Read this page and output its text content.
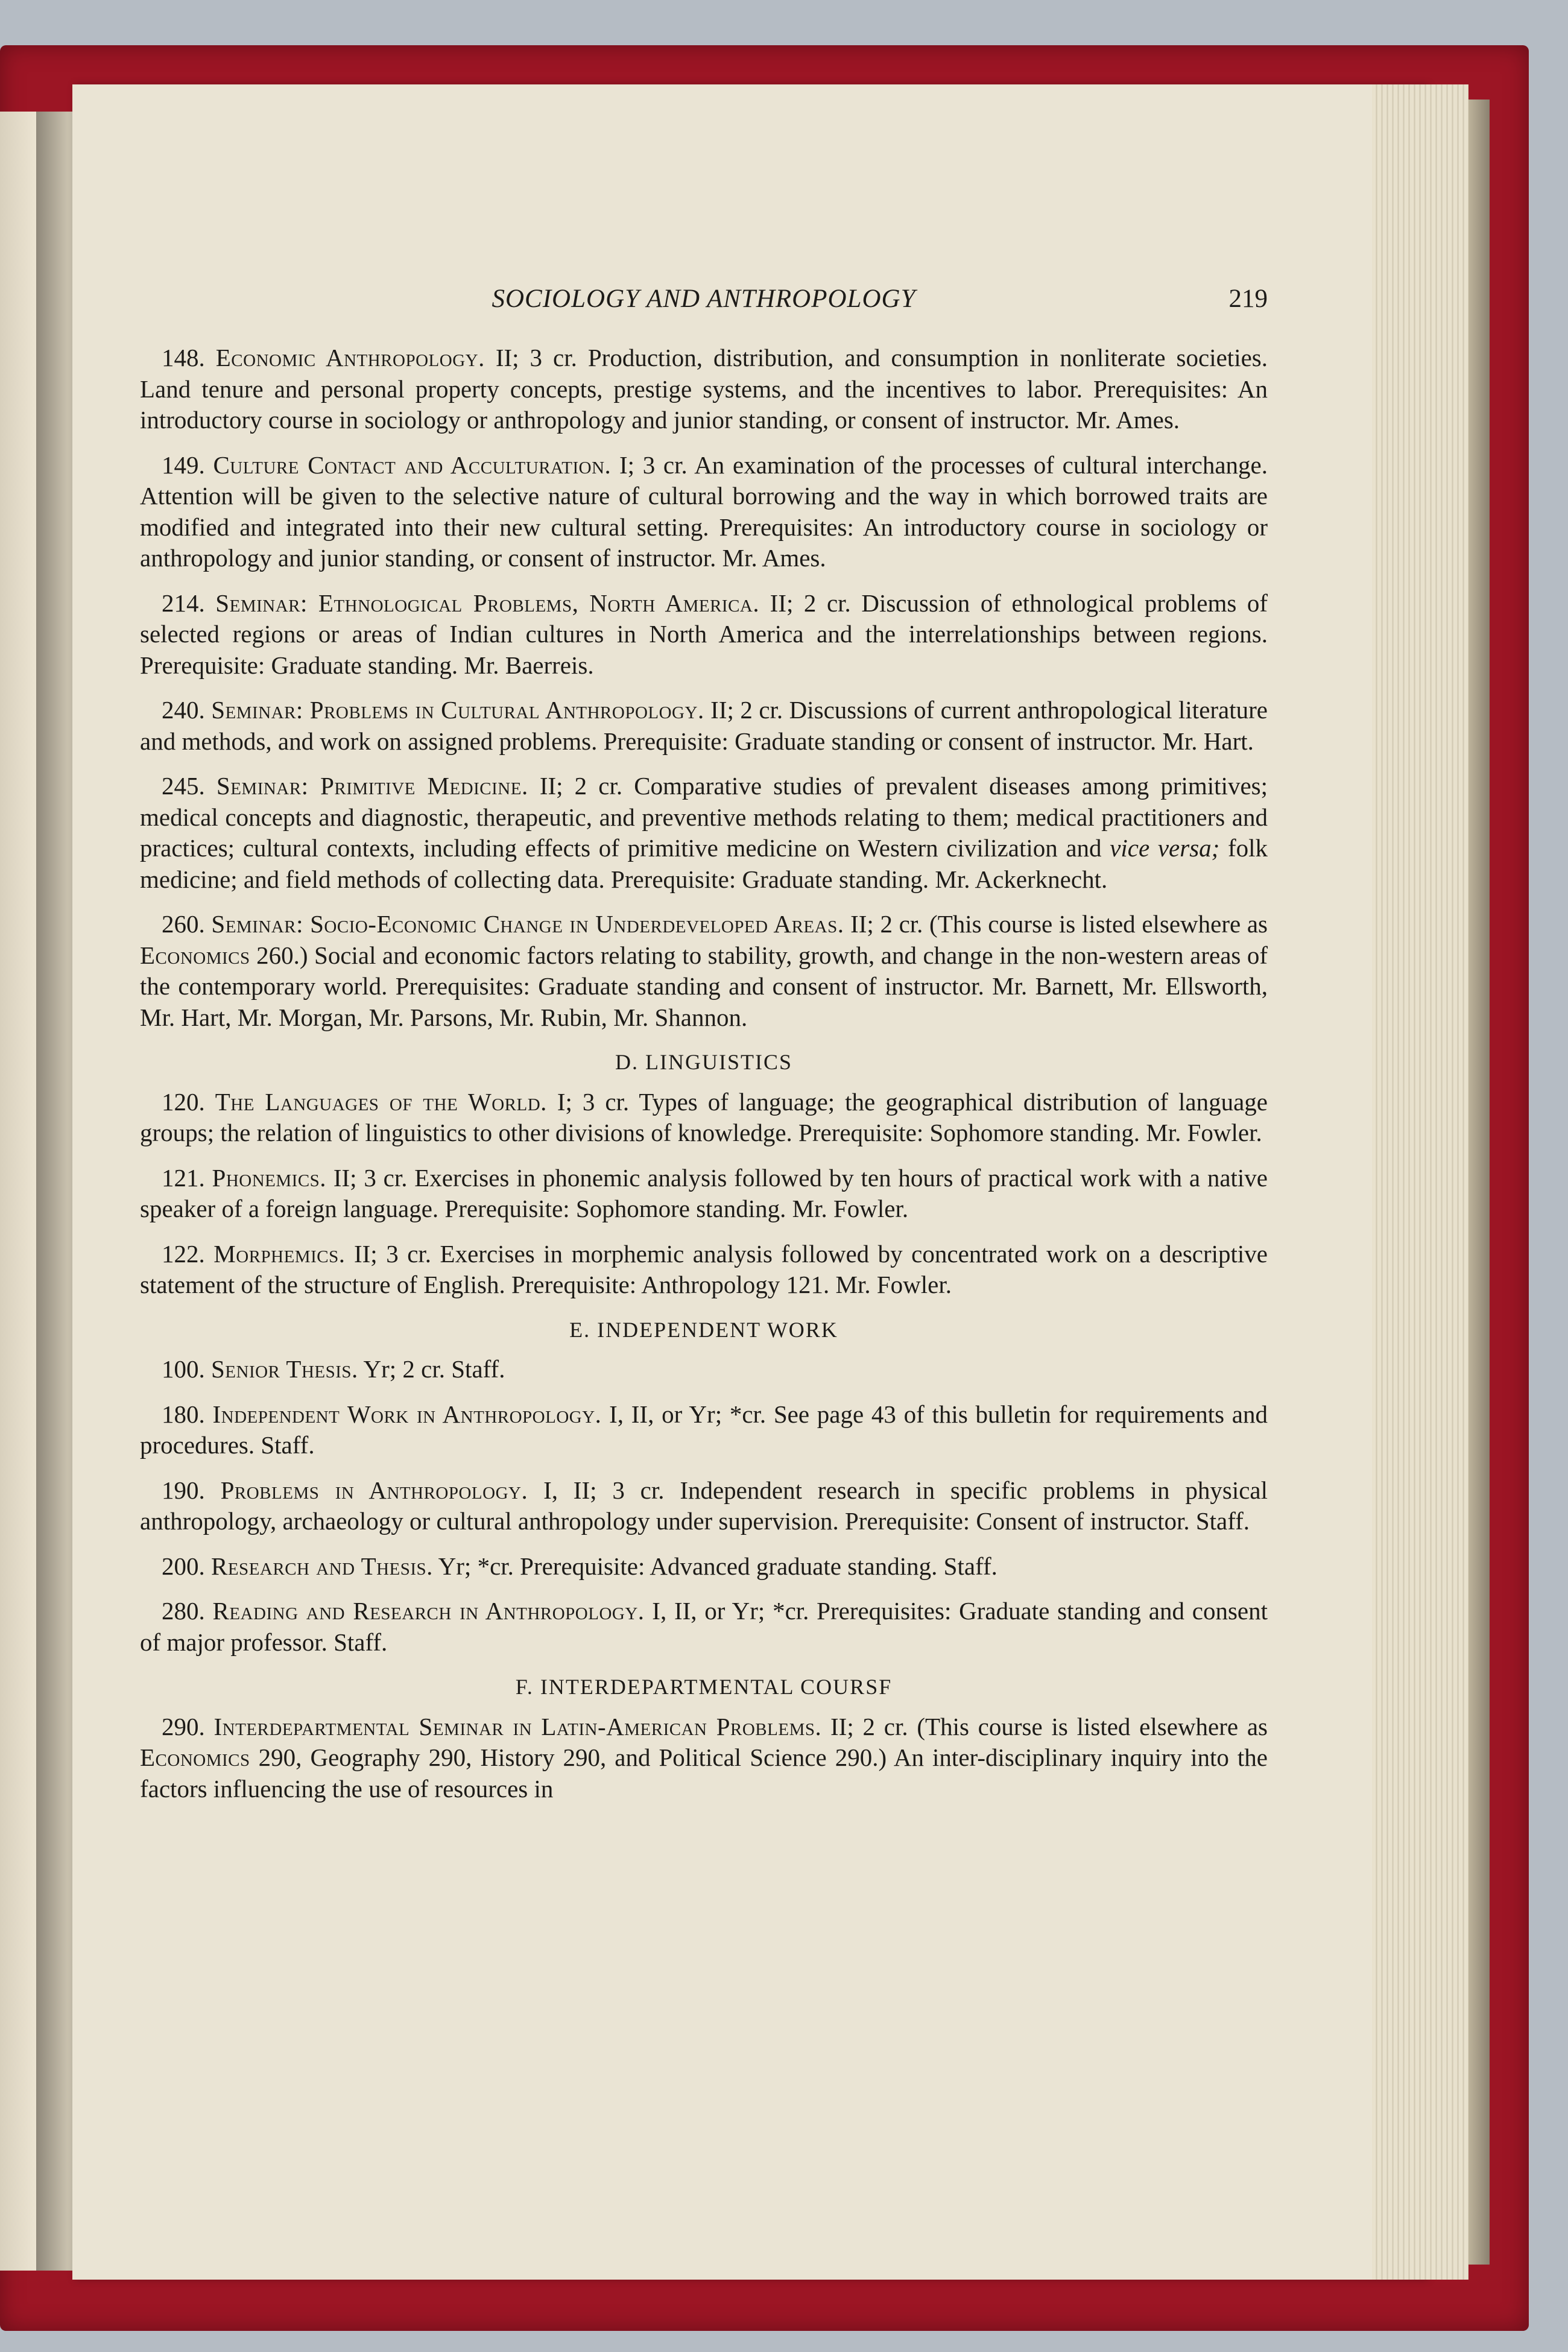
SOCIOLOGY AND ANTHROPOLOGY	219

148. Economic Anthropology. II; 3 cr. Production, distribution, and consumption in nonliterate societies. Land tenure and personal property concepts, prestige systems, and the incentives to labor. Prerequisites: An introductory course in sociology or anthropology and junior standing, or consent of instructor. Mr. Ames.

149. Culture Contact and Acculturation. I; 3 cr. An examination of the processes of cultural interchange. Attention will be given to the selective nature of cultural borrowing and the way in which borrowed traits are modified and integrated into their new cultural setting. Prerequisites: An introductory course in sociology or anthropology and junior standing, or consent of instructor. Mr. Ames.

214. Seminar: Ethnological Problems, North America. II; 2 cr. Discussion of ethnological problems of selected regions or areas of Indian cultures in North America and the interrelationships between regions. Prerequisite: Graduate standing. Mr. Baerreis.

240. Seminar: Problems in Cultural Anthropology. II; 2 cr. Discussions of current anthropological literature and methods, and work on assigned problems. Prerequisite: Graduate standing or consent of instructor. Mr. Hart.

245. Seminar: Primitive Medicine. II; 2 cr. Comparative studies of prevalent diseases among primitives; medical concepts and diagnostic, therapeutic, and preventive methods relating to them; medical practitioners and practices; cultural contexts, including effects of primitive medicine on Western civilization and vice versa; folk medicine; and field methods of collecting data. Prerequisite: Graduate standing. Mr. Ackerknecht.

260. Seminar: Socio-Economic Change in Underdeveloped Areas. II; 2 cr. (This course is listed elsewhere as Economics 260.) Social and economic factors relating to stability, growth, and change in the non-western areas of the contemporary world. Prerequisites: Graduate standing and consent of instructor. Mr. Barnett, Mr. Ellsworth, Mr. Hart, Mr. Morgan, Mr. Parsons, Mr. Rubin, Mr. Shannon.

D. LINGUISTICS

120. The Languages of the World. I; 3 cr. Types of language; the geographical distribution of language groups; the relation of linguistics to other divisions of knowledge. Prerequisite: Sophomore standing. Mr. Fowler.

121. Phonemics. II; 3 cr. Exercises in phonemic analysis followed by ten hours of practical work with a native speaker of a foreign language. Prerequisite: Sophomore standing. Mr. Fowler.

122. Morphemics. II; 3 cr. Exercises in morphemic analysis followed by concentrated work on a descriptive statement of the structure of English. Prerequisite: Anthropology 121. Mr. Fowler.

E. INDEPENDENT WORK

100. Senior Thesis. Yr; 2 cr. Staff.

180. Independent Work in Anthropology. I, II, or Yr; *cr. See page 43 of this bulletin for requirements and procedures. Staff.

190. Problems in Anthropology. I, II; 3 cr. Independent research in specific problems in physical anthropology, archaeology or cultural anthropology under supervision. Prerequisite: Consent of instructor. Staff.

200. Research and Thesis. Yr; *cr. Prerequisite: Advanced graduate standing. Staff.

280. Reading and Research in Anthropology. I, II, or Yr; *cr. Prerequisites: Graduate standing and consent of major professor. Staff.

F. INTERDEPARTMENTAL COURSF

290. Interdepartmental Seminar in Latin-American Problems. II; 2 cr. (This course is listed elsewhere as Economics 290, Geography 290, History 290, and Political Science 290.) An inter-disciplinary inquiry into the factors influencing the use of resources in
